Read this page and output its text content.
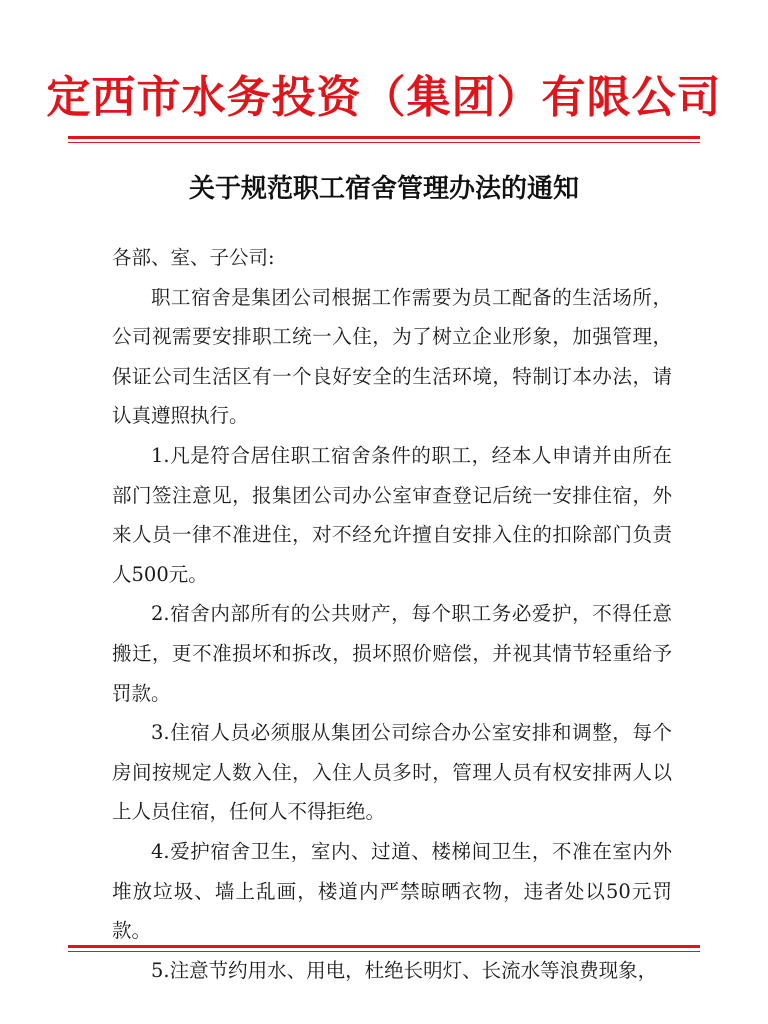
定西市水务投资（集团）有限公司
关于规范职工宿舍管理办法的通知

各部、室、子公司:

职工宿舍是集团公司根据工作需要为员工配备的生活场所，公司视需要安排职工统一入住，为了树立企业形象，加强管理，保证公司生活区有一个良好安全的生活环境，特制订本办法，请认真遵照执行。

1.凡是符合居住职工宿舍条件的职工，经本人申请并由所在部门签注意见，报集团公司办公室审查登记后统一安排住宿，外来人员一律不准进住，对不经允许擅自安排入住的扣除部门负责人500元。

2.宿舍内部所有的公共财产，每个职工务必爱护，不得任意搬迁，更不准损坏和拆改，损坏照价赔偿，并视其情节轻重给予罚款。

3.住宿人员必须服从集团公司综合办公室安排和调整，每个房间按规定人数入住，入住人员多时，管理人员有权安排两人以上人员住宿，任何人不得拒绝。

4.爱护宿舍卫生，室内、过道、楼梯间卫生，不准在室内外堆放垃圾、墙上乱画，楼道内严禁晾晒衣物，违者处以50元罚款。

5.注意节约用水、用电，杜绝长明灯、长流水等浪费现象，
